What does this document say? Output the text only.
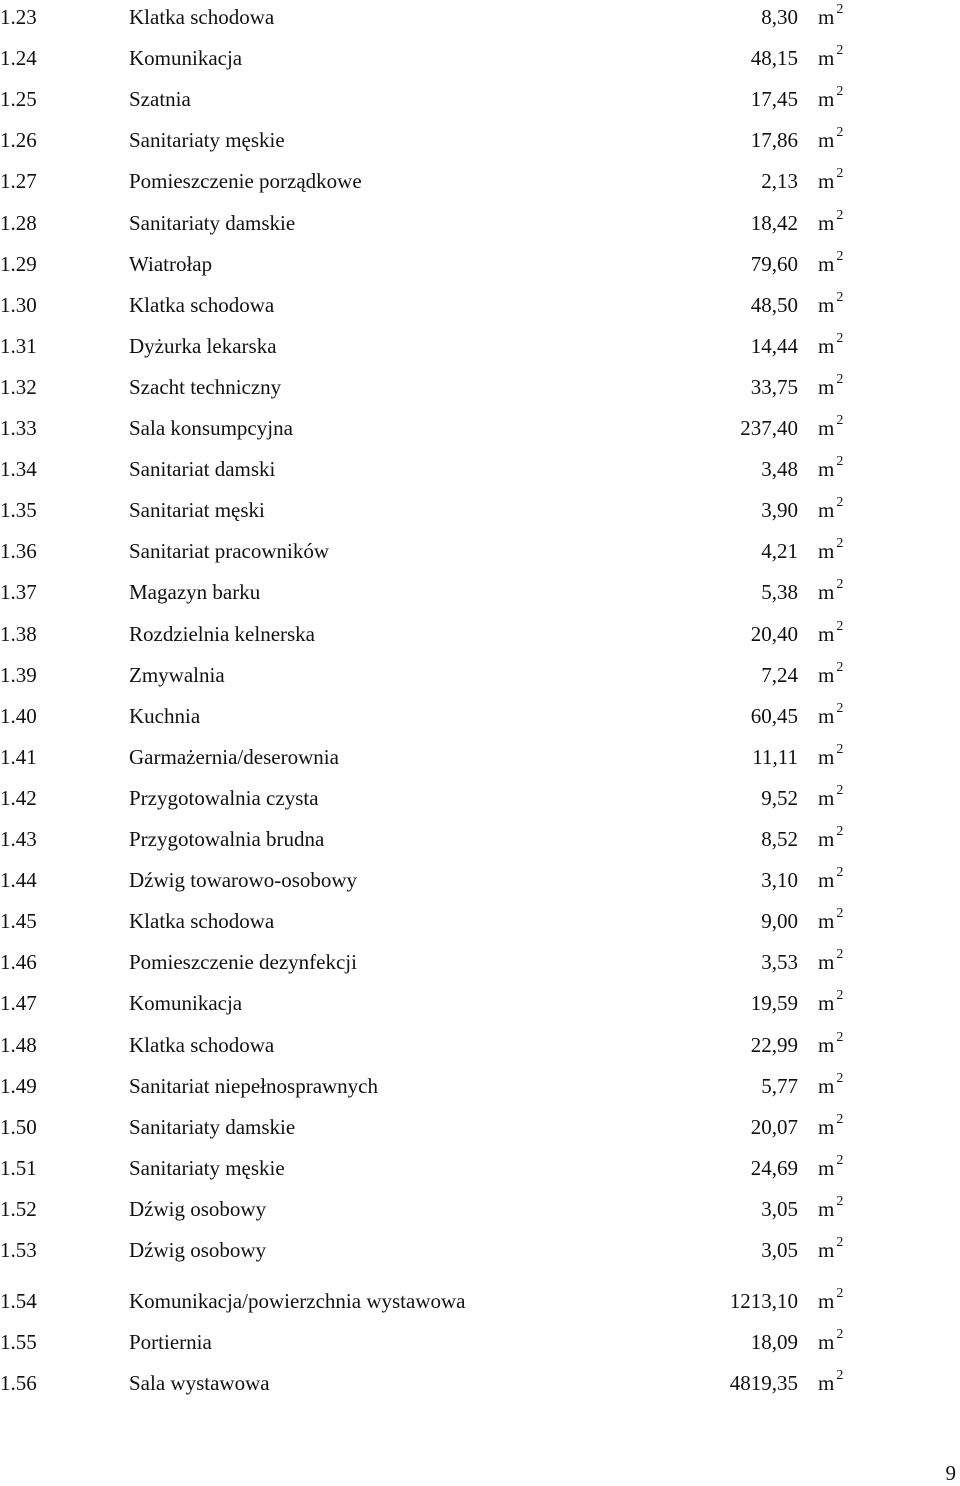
1.23	Klatka schodowa	8,30 m $^2$
1.24	Komunikacja	48,15 m $^2$
1.25	Szatnia	17,45 m $^2$
1.26	Sanitariaty męskie	17,86 m $^2$
1.27	Pomieszczenie porządkowe	2,13 m $^2$
1.28	Sanitariaty damskie	18,42 m $^2$
1.29	Wiatrołap	79,60 m $^2$
1.30	Klatka schodowa	48,50 m $^2$
1.31	Dyżurka lekarska	14,44 m $^2$
1.32	Szacht techniczny	33,75 m $^2$
1.33	Sala konsumpcyjna	237,40 m $^2$
1.34	Sanitariat damski	3,48 m $^2$
1.35	Sanitariat męski	3,90 m $^2$
1.36	Sanitariat pracowników	4,21 m $^2$
1.37	Magazyn barku	5,38 m $^2$
1.38	Rozdzielnia kelnerska	20,40 m $^2$
1.39	Zmywalnia	7,24 m $^2$
1.40	Kuchnia	60,45 m $^2$
1.41	Garmażernia/deserownia	11,11 m $^2$
1.42	Przygotowalnia czysta	9,52 m $^2$
1.43	Przygotowalnia brudna	8,52 m $^2$
1.44	Dźwig towarowo-osobowy	3,10 m $^2$
1.45	Klatka schodowa	9,00 m $^2$
1.46	Pomieszczenie dezynfekcji	3,53 m $^2$
1.47	Komunikacja	19,59 m $^2$
1.48	Klatka schodowa	22,99 m $^2$
1.49	Sanitariat niepełnosprawnych	5,77 m $^2$
1.50	Sanitariaty damskie	20,07 m $^2$
1.51	Sanitariaty męskie	24,69 m $^2$
1.52	Dźwig osobowy	3,05 m $^2$
1.53	Dźwig osobowy	3,05 m $^2$
1.54	Komunikacja/powierzchnia wystawowa	1213,10 m $^2$
1.55	Portiernia	18,09 m $^2$
1.56	Sala wystawowa	4819,35 m $^2$
9
